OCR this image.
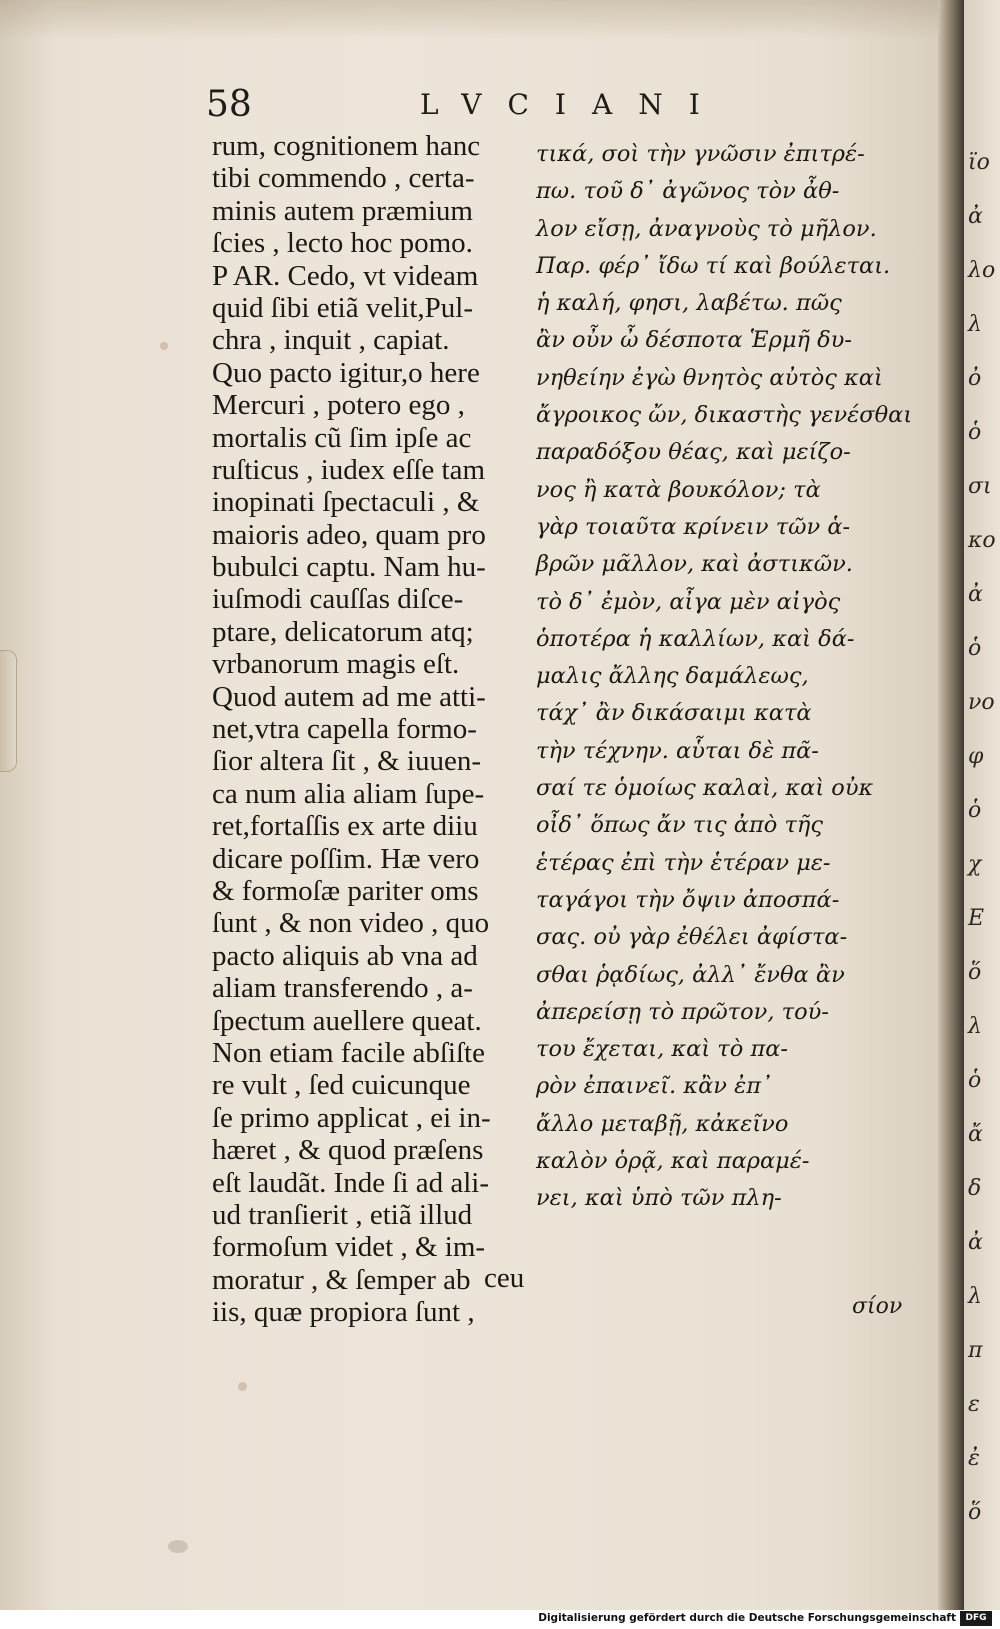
58	LVCIANI
rum, cognitionem hanc
tibi commendo , certa-
minis autem præmium
ſcies , lecto hoc pomo.
P AR. Cedo, vt videam
quid ſibi etiã velit,Pul-
chra , inquit , capiat.
Quo pacto igitur,o here
Mercuri , potero ego ,
mortalis cũ ſim ipſe ac
ruſticus , iudex eſſe tam
inopinati ſpectaculi , &
maioris adeo, quam pro
bubulci captu. Nam hu-
iuſmodi cauſſas diſce-
ptare, delicatorum atq;
vrbanorum magis eſt.
Quod autem ad me atti-
net,vtra capella formo-
ſior altera ſit , & iuuen-
ca num alia aliam ſupe-
ret,fortaſſis ex arte diiu
dicare poſſim. Hæ vero
& formoſæ pariter oms
ſunt , & non video , quo
pacto aliquis ab vna ad
aliam transferendo , a-
ſpectum auellere queat.
Non etiam facile abſiſte
re vult , ſed cuicunque
ſe primo applicat , ei in-
hæret , & quod præſens
eſt laudãt. Inde ſi ad ali-
ud tranſierit , etiã illud
formoſum videt , & im-
moratur , & ſemper ab
iis, quæ propiora ſunt ,
ceu
τικά, σοὶ τὴν γνῶσιν ἐπιτρέ-
πω. τοῦ δ᾽ ἀγῶνος τὸν ἆθ-
λον εἴσῃ, ἀναγνοὺς τὸ μῆλον.
Παρ. φέρ᾽ ἴδω τί καὶ βούλεται.
ἡ καλή, φησι, λαβέτω. πῶς
ἂν οὖν ὦ δέσποτα Ἑρμῆ δυ-
νηθείην ἐγὼ θνητὸς αὐτὸς καὶ
ἄγροικος ὤν, δικαστὴς γενέσθαι
παραδόξου θέας, καὶ μείζο-
νος ἢ κατὰ βουκόλον; τὰ
γὰρ τοιαῦτα κρίνειν τῶν ἁ-
βρῶν μᾶλλον, καὶ ἀστικῶν.
τὸ δ᾽ ἐμὸν, αἶγα μὲν αἰγὸς
ὁποτέρα ἡ καλλίων, καὶ δά-
μαλις ἄλλης δαμάλεως,
τάχ᾽ ἂν δικάσαιμι κατὰ
τὴν τέχνην. αὗται δὲ πᾶ-
σαί τε ὁμοίως καλαὶ, καὶ οὐκ
οἶδ᾽ ὅπως ἄν τις ἀπὸ τῆς
ἑτέρας ἐπὶ τὴν ἑτέραν με-
ταγάγοι τὴν ὄψιν ἀποσπά-
σας. οὐ γὰρ ἐθέλει ἀφίστα-
σθαι ῥᾳδίως, ἀλλ᾽ ἔνθα ἂν
ἀπερείσῃ τὸ πρῶτον, τού-
του ἔχεται, καὶ τὸ πα-
ρὸν ἐπαινεῖ. κἂν ἐπ᾽
ἄλλο μεταβῇ, κἀκεῖνο
καλὸν ὁρᾷ, καὶ παραμέ-
νει, καὶ ὑπὸ τῶν πλη-
σίον
Digitalisierung gefördert durch die Deutsche Forschungsgemeinschaft	DFG
ϊο
ἀ
λο
λ
ὀ
ὁ
σι
κο
ἀ
ὁ
νο
φ
ὁ
χ
Ε
ὅ
λ
ὁ
ἄ
δ
ἀ
λ
π
ε
ἐ
ὅ
